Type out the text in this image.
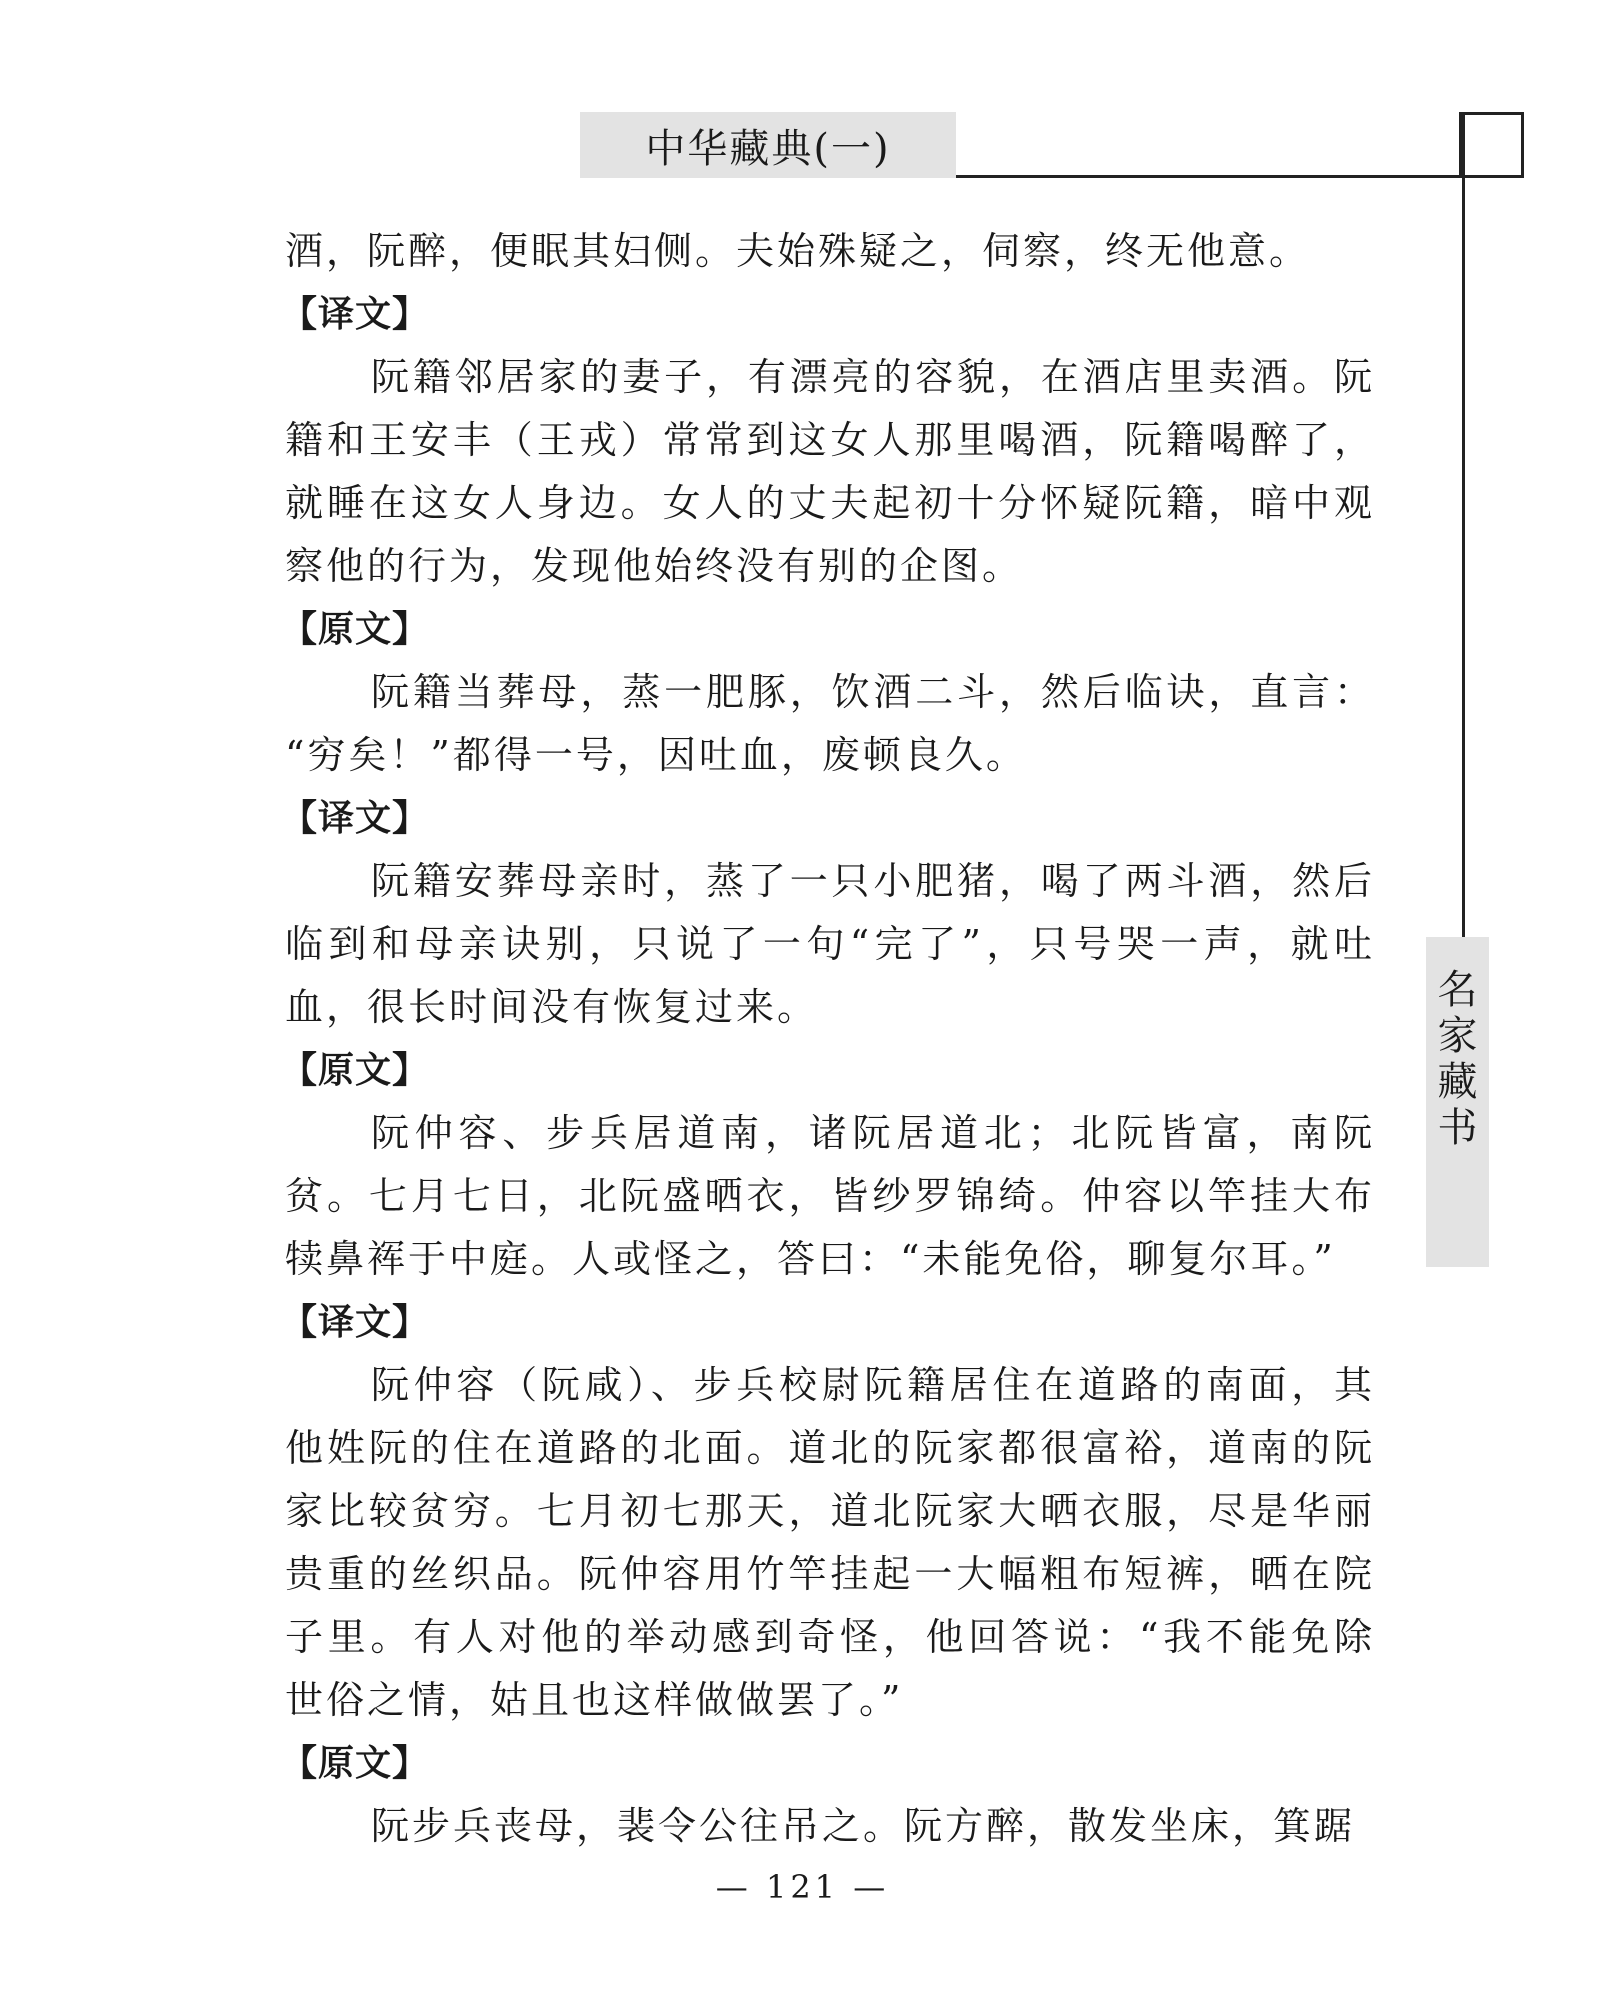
中华藏典(一)
名
家
藏
书
酒，阮醉，便眠其妇侧。夫始殊疑之，伺察，终无他意。
【译文】
阮籍邻居家的妻子，有漂亮的容貌，在酒店里卖酒。阮
籍和王安丰（王戎）常常到这女人那里喝酒，阮籍喝醉了，
就睡在这女人身边。女人的丈夫起初十分怀疑阮籍，暗中观
察他的行为，发现他始终没有别的企图。
【原文】
阮籍当葬母，蒸一肥豚，饮酒二斗，然后临诀，直言：
“穷矣！”都得一号，因吐血，废顿良久。
【译文】
阮籍安葬母亲时，蒸了一只小肥猪，喝了两斗酒，然后
临到和母亲诀别，只说了一句“完了”，只号哭一声，就吐
血，很长时间没有恢复过来。
【原文】
阮仲容、步兵居道南，诸阮居道北；北阮皆富，南阮
贫。七月七日，北阮盛晒衣，皆纱罗锦绮。仲容以竿挂大布
犊鼻裈于中庭。人或怪之，答曰：“未能免俗，聊复尔耳。”
【译文】
阮仲容（阮咸）、步兵校尉阮籍居住在道路的南面，其
他姓阮的住在道路的北面。道北的阮家都很富裕，道南的阮
家比较贫穷。七月初七那天，道北阮家大晒衣服，尽是华丽
贵重的丝织品。阮仲容用竹竿挂起一大幅粗布短裤，晒在院
子里。有人对他的举动感到奇怪，他回答说：“我不能免除
世俗之情，姑且也这样做做罢了。”
【原文】
阮步兵丧母，裴令公往吊之。阮方醉，散发坐床，箕踞
— 121 —
